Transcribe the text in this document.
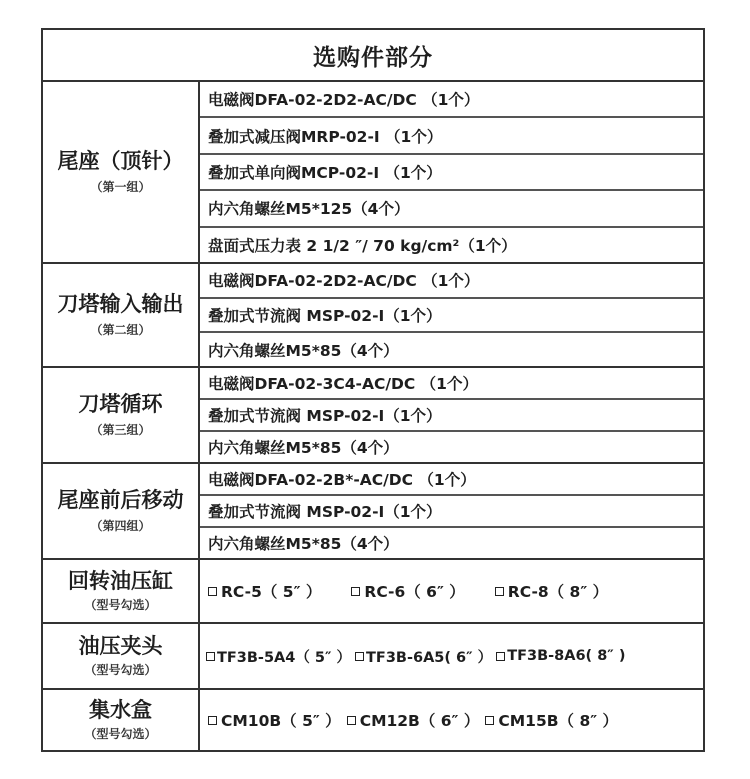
选购件部分
尾座（顶针）
（第一组）
电磁阀DFA-02-2D2-AC/DC （1个）
叠加式减压阀MRP-02-I （1个）
叠加式单向阀MCP-02-I （1个）
内六角螺丝M5*125（4个）
盘面式压力表 2 1/2 ″/ 70 kg/cm²（1个）
刀塔输入输出
（第二组）
电磁阀DFA-02-2D2-AC/DC （1个）
叠加式节流阀 MSP-02-I（1个）
内六角螺丝M5*85（4个）
刀塔循环
（第三组）
电磁阀DFA-02-3C4-AC/DC （1个）
叠加式节流阀 MSP-02-I（1个）
内六角螺丝M5*85（4个）
尾座前后移动
（第四组）
电磁阀DFA-02-2B*-AC/DC （1个）
叠加式节流阀 MSP-02-I（1个）
内六角螺丝M5*85（4个）
回转油压缸
（型号勾选）
RC-5（ 5″ ）	RC-6（ 6″ ）	RC-8（ 8″ ）
油压夹头
（型号勾选）
TF3B-5A4（ 5″ ） TF3B-6A5( 6″ ） TF3B-8A6( 8″ )
集水盒
（型号勾选）
CM10B（ 5″ ） CM12B（ 6″ ） CM15B（ 8″ ）
